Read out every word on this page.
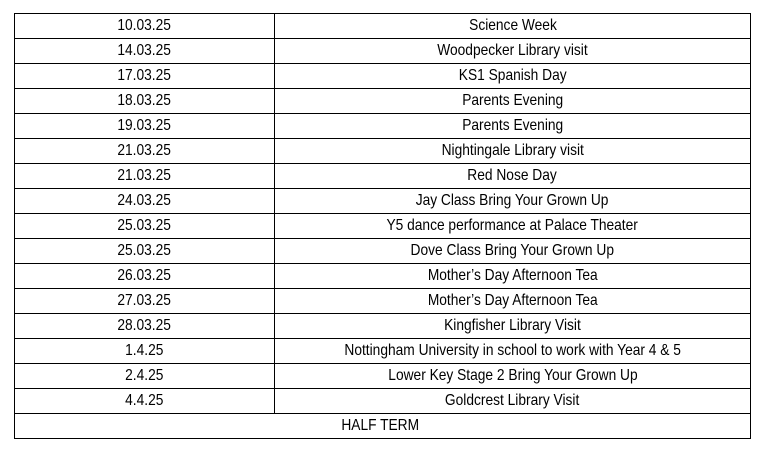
10.03.25	Science Week
14.03.25	Woodpecker Library visit
17.03.25	KS1 Spanish Day
18.03.25	Parents Evening
19.03.25	Parents Evening
21.03.25	Nightingale Library visit
21.03.25	Red Nose Day
24.03.25	Jay Class Bring Your Grown Up
25.03.25	Y5 dance performance at Palace Theater
25.03.25	Dove Class Bring Your Grown Up
26.03.25	Mother’s Day Afternoon Tea
27.03.25	Mother’s Day Afternoon Tea
28.03.25	Kingfisher Library Visit
1.4.25	Nottingham University in school to work with Year 4 & 5
2.4.25	Lower Key Stage 2 Bring Your Grown Up
4.4.25	Goldcrest Library Visit
HALF TERM	
